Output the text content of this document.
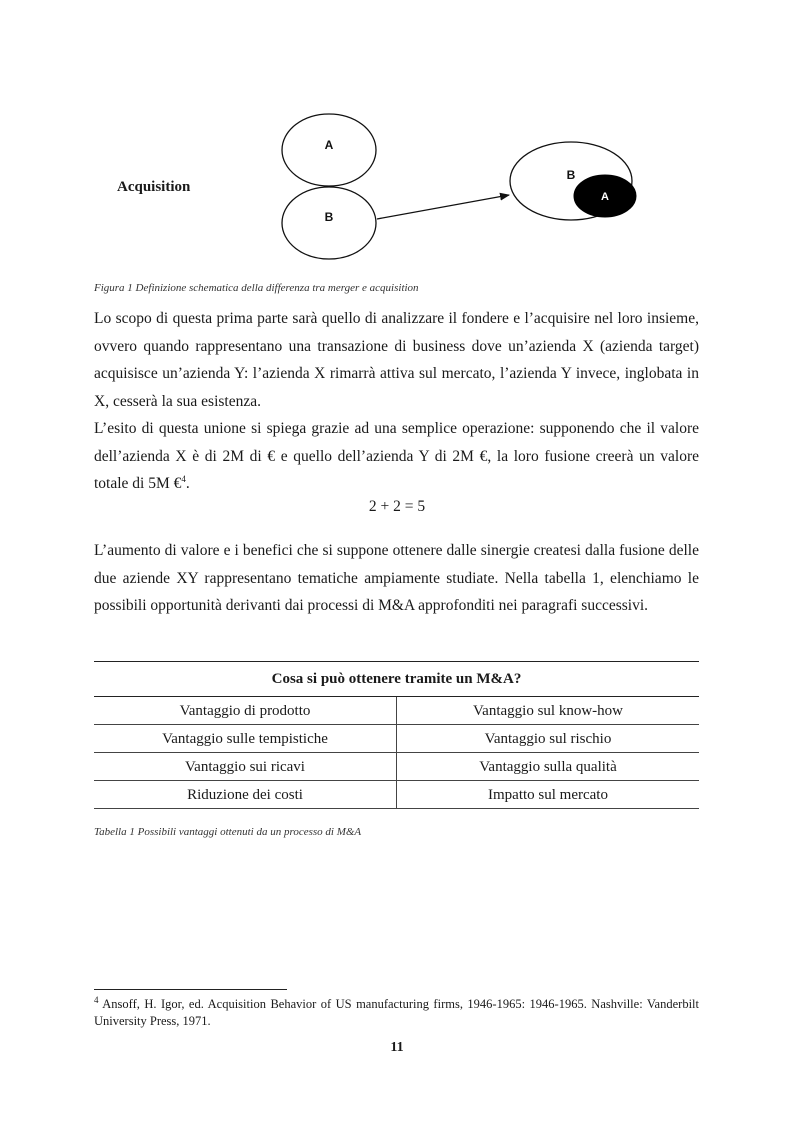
A
B
B
A
Acquisition
Figura 1 Definizione schematica della differenza tra merger e acquisition

Lo scopo di questa prima parte sarà quello di analizzare il fondere e l’acquisire nel loro insieme, ovvero quando rappresentano una transazione di business dove un’azienda X (azienda target) acquisisce un’azienda Y: l’azienda X rimarrà attiva sul mercato, l’azienda Y invece, inglobata in X, cesserà la sua esistenza.

L’esito di questa unione si spiega grazie ad una semplice operazione: supponendo che il valore dell’azienda X è di 2M di € e quello dell’azienda Y di 2M €, la loro fusione creerà un valore totale di 5M €$^4$.

2 + 2 = 5

L’aumento di valore e i benefici che si suppone ottenere dalle sinergie createsi dalla fusione delle due aziende XY rappresentano tematiche ampiamente studiate. Nella tabella 1, elenchiamo le possibili opportunità derivanti dai processi di M&A approfonditi nei paragrafi successivi.

Cosa si può ottenere tramite un M&A?	
Vantaggio di prodotto	Vantaggio sul know-how
Vantaggio sulle tempistiche	Vantaggio sul rischio
Vantaggio sui ricavi	Vantaggio sulla qualità
Riduzione dei costi	Impatto sul mercato
Tabella 1 Possibili vantaggi ottenuti da un processo di M&A

$^4$ Ansoff, H. Igor, ed. Acquisition Behavior of US manufacturing firms, 1946-1965: 1946-1965. Nashville: Vanderbilt University Press, 1971.

11
